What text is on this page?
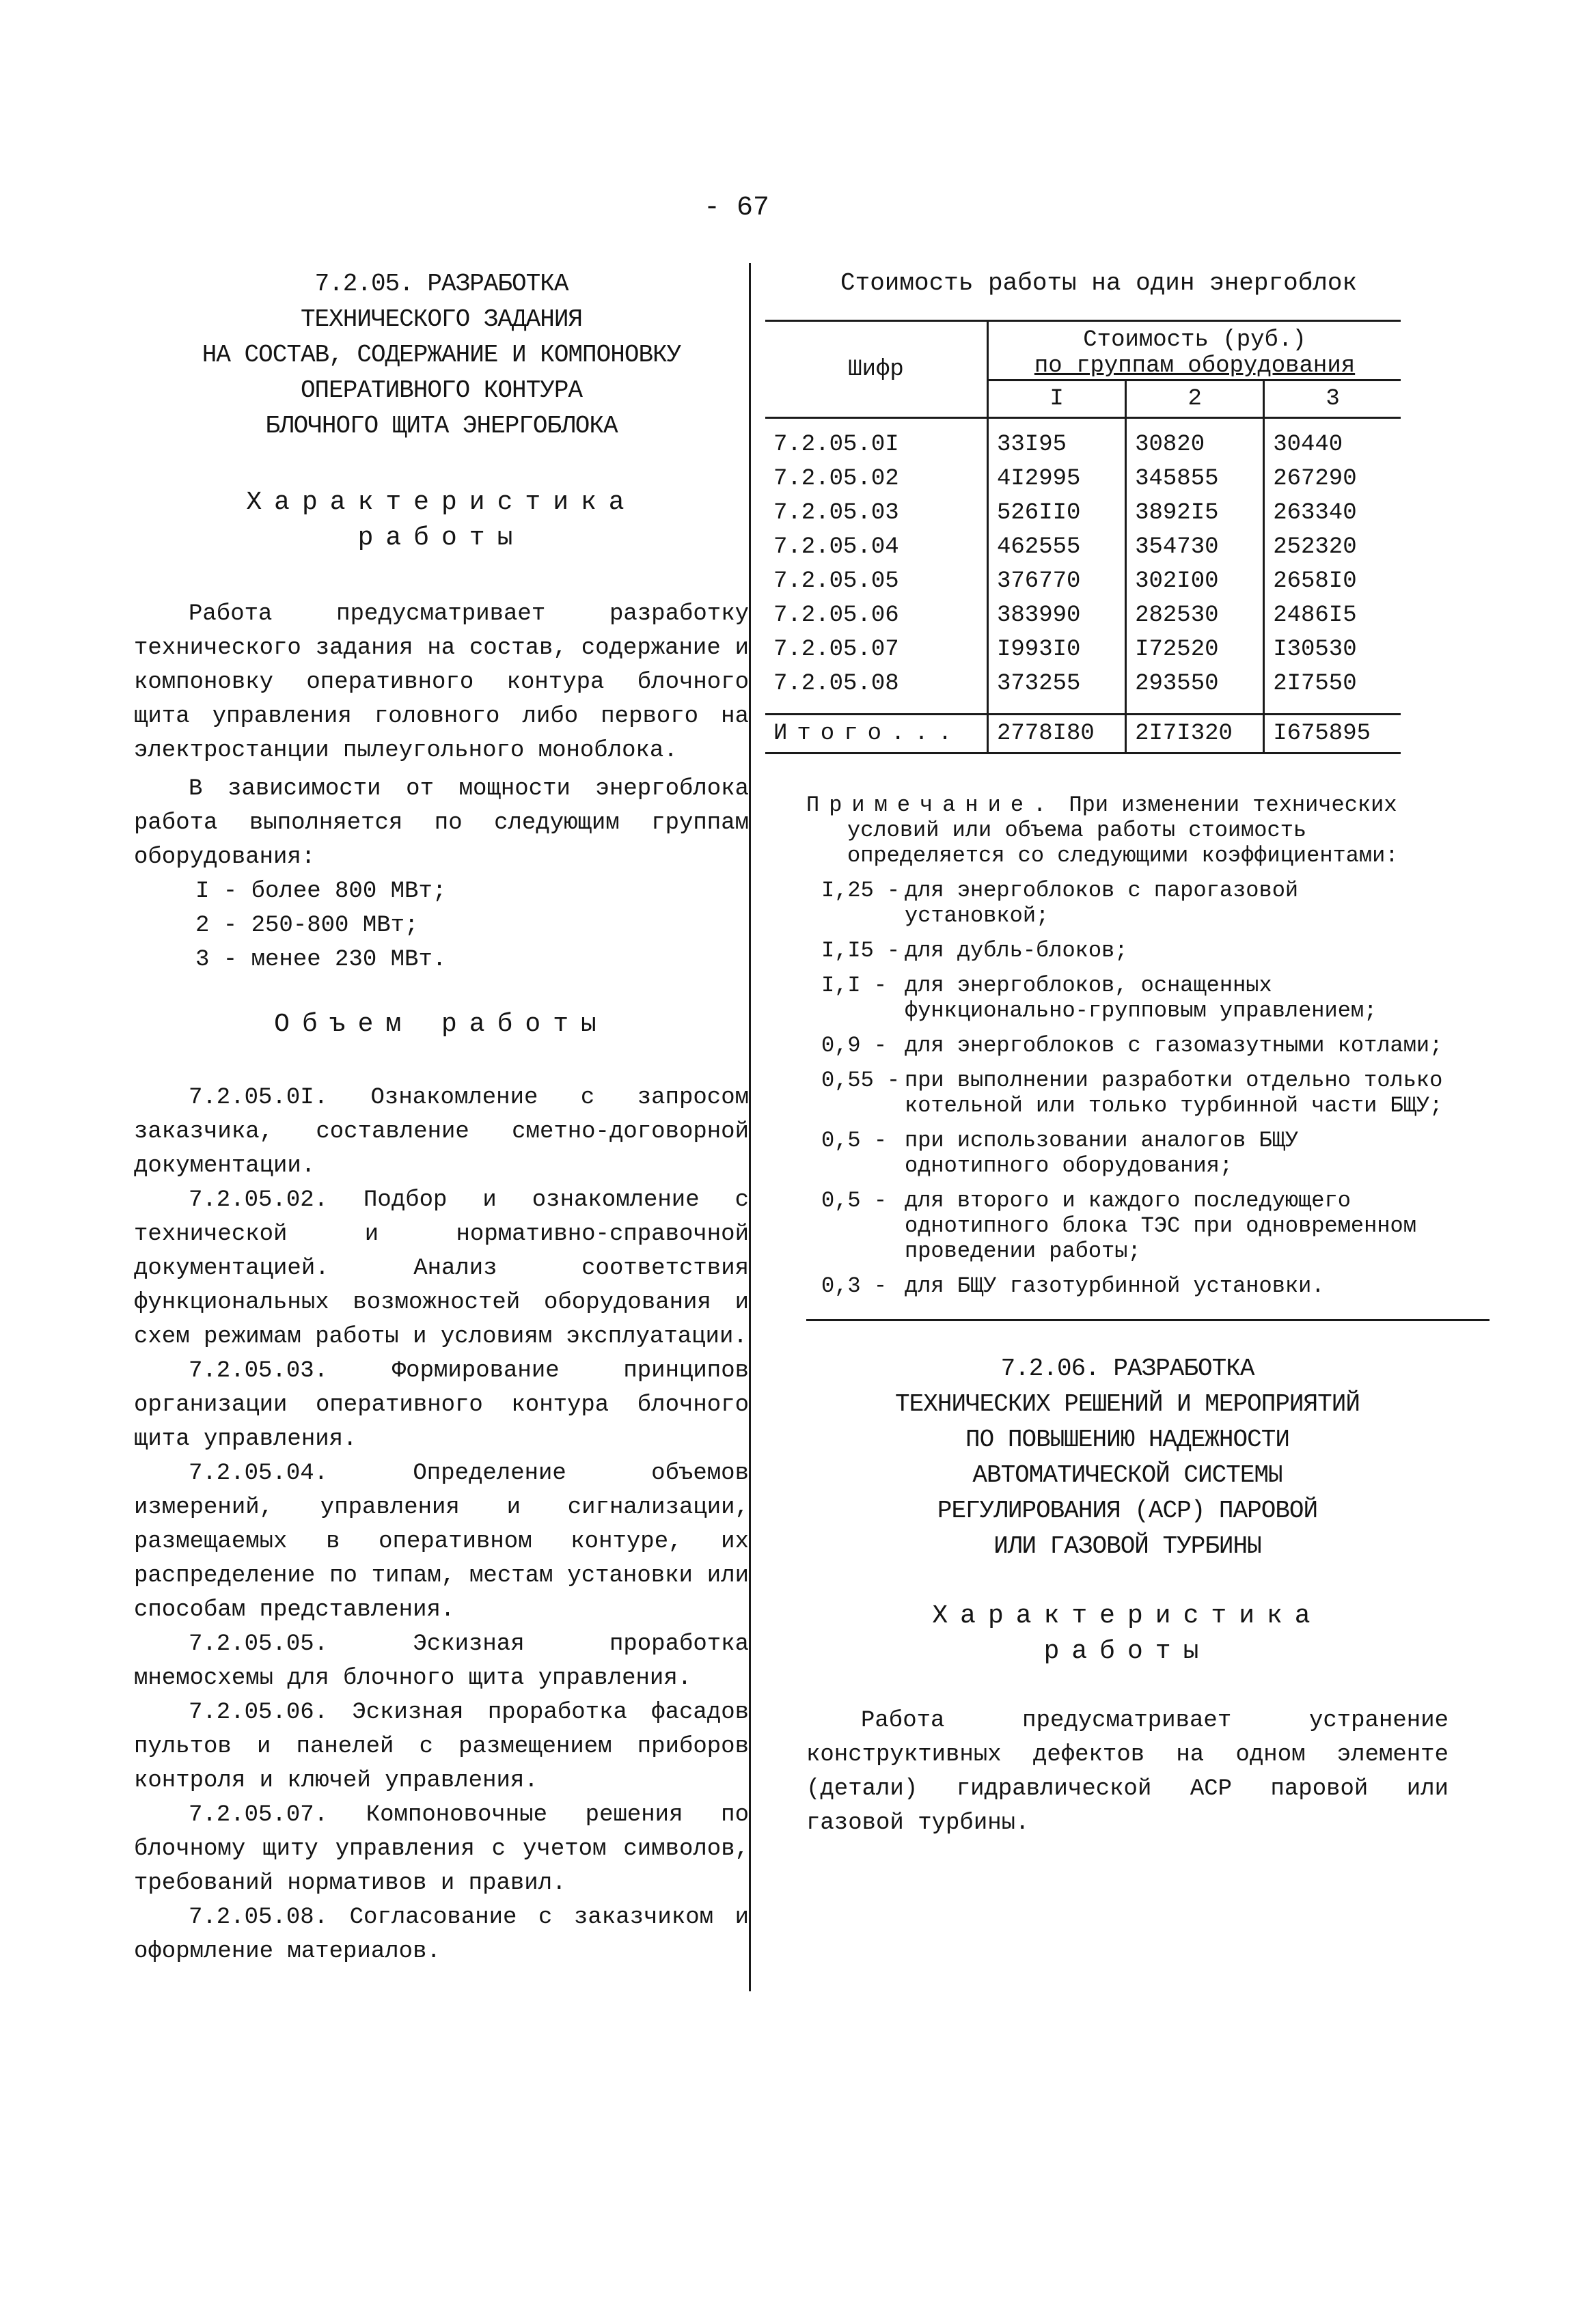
- 67
7.2.05. РАЗРАБОТКА
ТЕХНИЧЕСКОГО ЗАДАНИЯ
НА СОСТАВ, СОДЕРЖАНИЕ И КОМПОНОВКУ
ОПЕРАТИВНОГО КОНТУРА
БЛОЧНОГО ЩИТА ЭНЕРГОБЛОКА
Характеристика
работы

Работа предусматривает разработку технического задания на состав, содержание и компоновку оперативного контура блочного щита управления головного либо первого на электростанции пылеугольного моноблока.

В зависимости от мощности энергоблока работа выполняется по следующим группам оборудования:

I - более 800 МВт;
2 - 250-800 МВт;
3 - менее 230 МВт.
Объем работы

7.2.05.0I. Ознакомление с запросом заказчика, составление сметно-договорной документации.

7.2.05.02. Подбор и ознакомление с технической и нормативно-справочной документацией. Анализ соответствия функциональных возможностей оборудования и схем режимам работы и условиям эксплуатации.

7.2.05.03. Формирование принципов организации оперативного контура блочного щита управления.

7.2.05.04. Определение объемов измерений, управления и сигнализации, размещаемых в оперативном контуре, их распределение по типам, местам установки или способам представления.

7.2.05.05. Эскизная проработка мнемосхемы для блочного щита управления.

7.2.05.06. Эскизная проработка фасадов пультов и панелей с размещением приборов контроля и ключей управления.

7.2.05.07. Компоновочные решения по блочному щиту управления с учетом символов, требований нормативов и правил.

7.2.05.08. Согласование с заказчиком и оформление материалов.

Стоимость работы на один энергоблок
Шифр	Стоимость (руб.)
по группам оборудования		

	I	2	3

7.2.05.0I	33I95	30820	30440
7.2.05.02	4I2995	345855	267290
7.2.05.03	526II0	3892I5	263340
7.2.05.04	462555	354730	252320
7.2.05.05	376770	302I00	2658I0
7.2.05.06	383990	282530	2486I5
7.2.05.07	I993I0	I72520	I30530
7.2.05.08	373255	293550	2I7550

Итого...	2778I80	2I7I320	I675895
Примечание. При изменении технических условий или объема работы стоимость определяется со следующими коэффициентами:
I,25 - для энергоблоков с парогазовой установкой;
I,I5 - для дубль-блоков;
I,I - для энергоблоков, оснащенных функционально-групповым управлением;
0,9 - для энергоблоков с газомазутными котлами;
0,55 - при выполнении разработки отдельно только котельной или только турбинной части БЩУ;
0,5 - при использовании аналогов БЩУ однотипного оборудования;
0,5 - для второго и каждого последующего однотипного блока ТЭС при одновременном проведении работы;
0,3 - для БЩУ газотурбинной установки.
7.2.06. РАЗРАБОТКА
ТЕХНИЧЕСКИХ РЕШЕНИЙ И МЕРОПРИЯТИЙ
ПО ПОВЫШЕНИЮ НАДЕЖНОСТИ
АВТОМАТИЧЕСКОЙ СИСТЕМЫ
РЕГУЛИРОВАНИЯ (АСР) ПАРОВОЙ
ИЛИ ГАЗОВОЙ ТУРБИНЫ
Характеристика
работы

Работа предусматривает устранение конструктивных дефектов на одном элементе (детали) гидравлической АСР паровой или газовой турбины.
